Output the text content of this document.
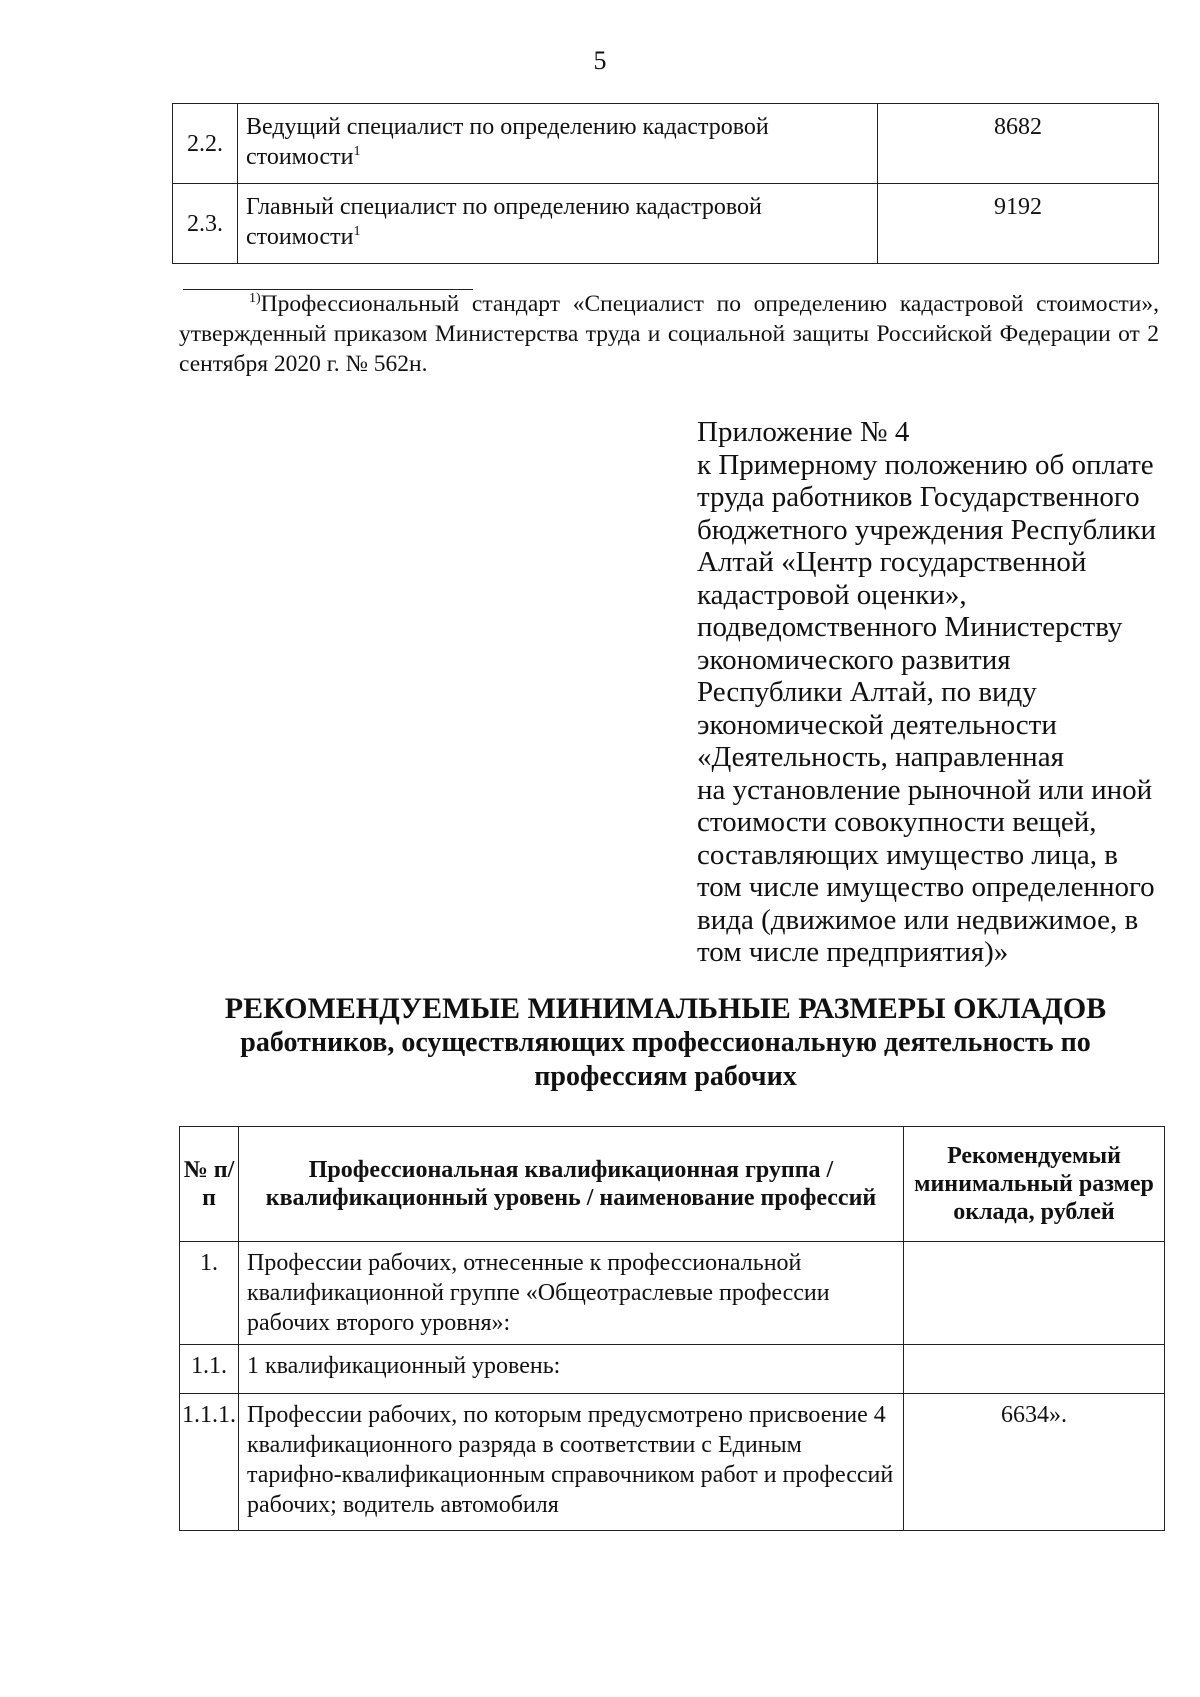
5
2.2.	Ведущий специалист по определению кадастровой стоимости$^1$	8682
2.3.	Главный специалист по определению кадастровой стоимости$^1$	9192

$^{1)}$Профессиональный стандарт «Специалист по определению кадастровой стоимости», утвержденный приказом Министерства труда и социальной защиты Российской Федерации от 2 сентября 2020 г. № 562н.

Приложение № 4
к Примерному положению об оплате
труда работников Государственного
бюджетного учреждения Республики
Алтай «Центр государственной
кадастровой оценки»,
подведомственного Министерству
экономического развития
Республики Алтай, по виду
экономической деятельности
«Деятельность, направленная
на установление рыночной или иной
стоимости совокупности вещей,
составляющих имущество лица, в
том числе имущество определенного
вида (движимое или недвижимое, в
том числе предприятия)»
РЕКОМЕНДУЕМЫЕ МИНИМАЛЬНЫЕ РАЗМЕРЫ ОКЛАДОВ
работников, осуществляющих профессиональную деятельность по профессиям рабочих
№ п/п	Профессиональная квалификационная группа / квалификационный уровень / наименование профессий	Рекомендуемый минимальный размер оклада, рублей
1.	Профессии рабочих, отнесенные к профессиональной квалификационной группе «Общеотраслевые профессии рабочих второго уровня»:	
1.1.	1 квалификационный уровень:	
1.1.1.	Профессии рабочих, по которым предусмотрено присвоение 4 квалификационного разряда в соответствии с Единым тарифно-квалификационным справочником работ и профессий рабочих; водитель автомобиля	6634».
